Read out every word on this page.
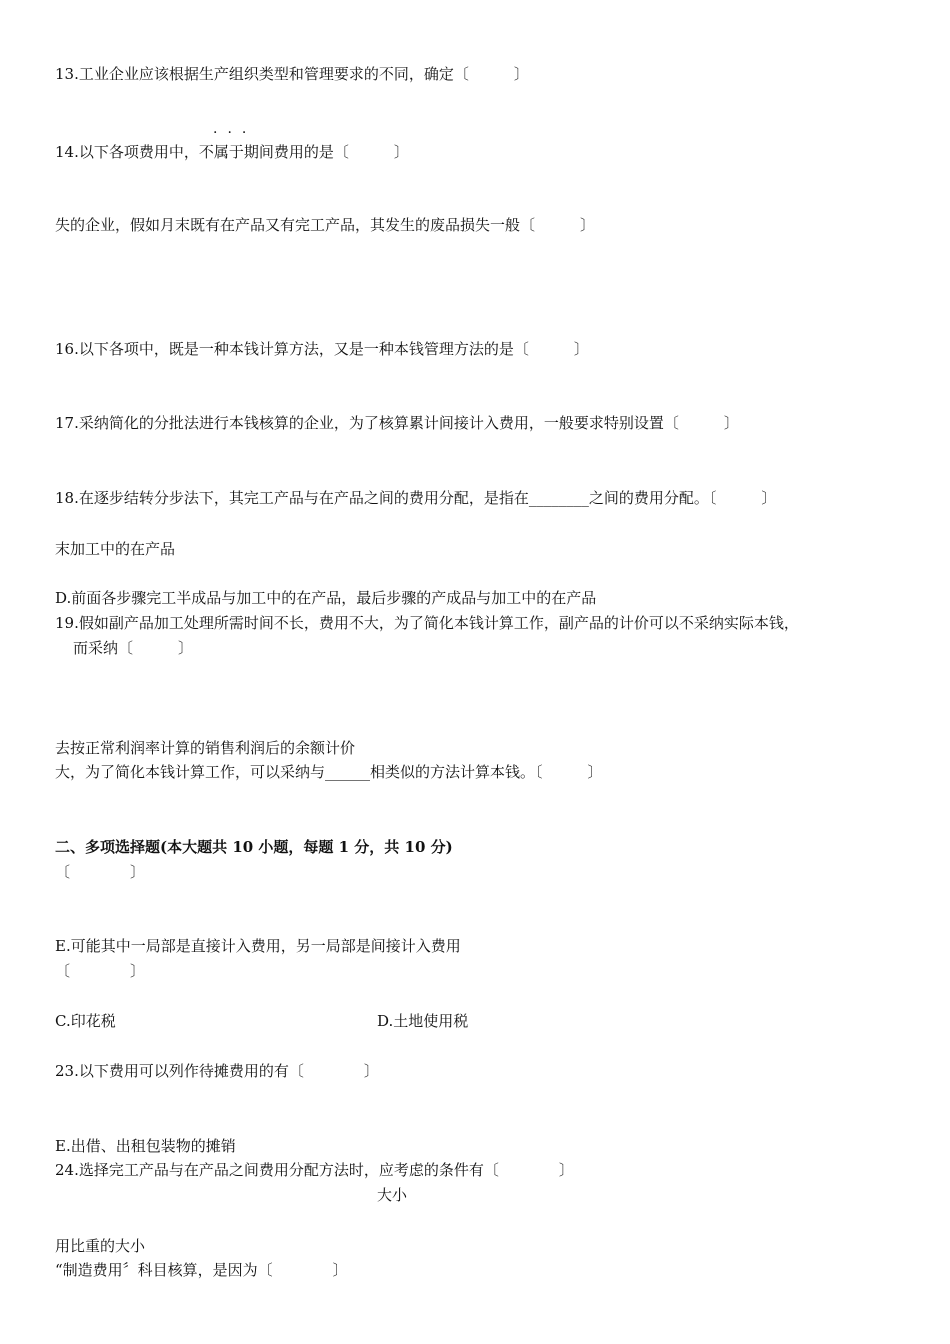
13.工业企业应该根据生产组织类型和管理要求的不同，确定〔　　　〕
···
14.以下各项费用中，不属于期间费用的是〔　　　〕
失的企业，假如月末既有在产品又有完工产品，其发生的废品损失一般〔　　　〕
16.以下各项中，既是一种本钱计算方法，又是一种本钱管理方法的是〔　　　〕
17.采纳简化的分批法进行本钱核算的企业，为了核算累计间接计入费用，一般要求特别设置〔　　　〕
18.在逐步结转分步法下，其完工产品与在产品之间的费用分配，是指在________之间的费用分配。〔　　　〕
末加工中的在产品
D.前面各步骤完工半成品与加工中的在产品，最后步骤的产成品与加工中的在产品
19.假如副产品加工处理所需时间不长，费用不大，为了简化本钱计算工作，副产品的计价可以不采纳实际本钱，
而采纳〔　　　〕
去按正常利润率计算的销售利润后的余额计价
大，为了简化本钱计算工作，可以采纳与______相类似的方法计算本钱。〔　　　〕
二、多项选择题(本大题共 10 小题，每题 1 分，共 10 分)
〔　　　　〕
E.可能其中一局部是直接计入费用，另一局部是间接计入费用
〔　　　　〕
C.印花税	D.土地使用税
23.以下费用可以列作待摊费用的有〔　　　　〕
E.出借、出租包装物的摊销
24.选择完工产品与在产品之间费用分配方法时，应考虑的条件有〔　　　　〕
大小
用比重的大小
“制造费用〞科目核算，是因为〔　　　　〕
